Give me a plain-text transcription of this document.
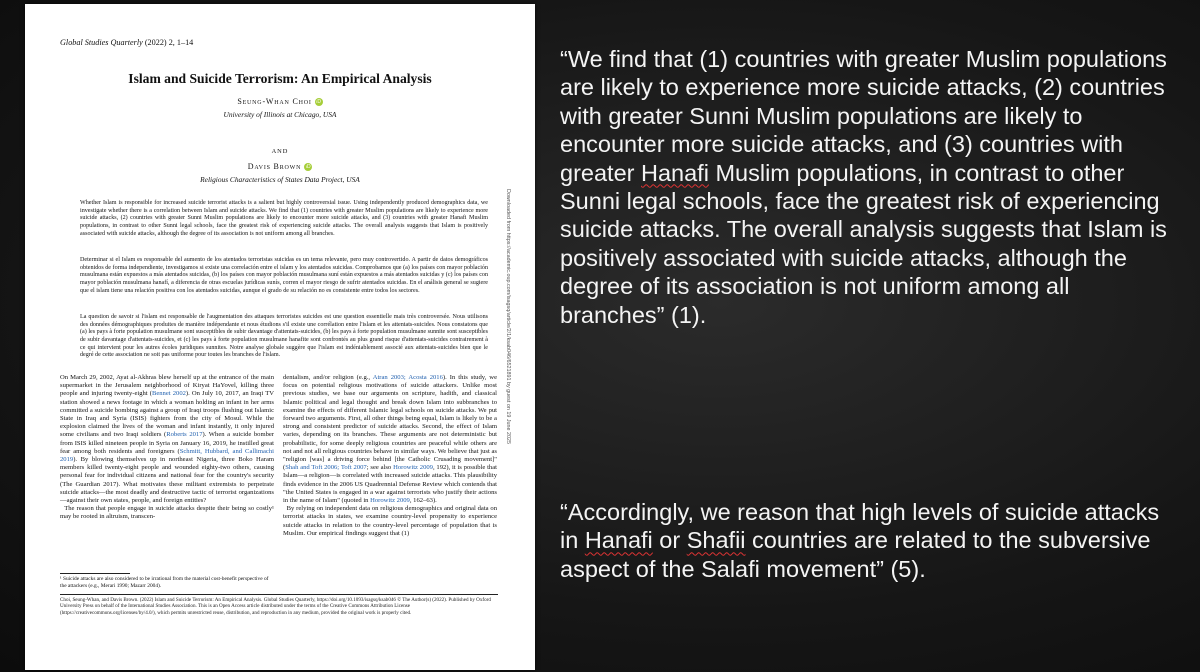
Global Studies Quarterly (2022) 2, 1–14
Islam and Suicide Terrorism: An Empirical Analysis
Seung-Whan Choi iD
University of Illinois at Chicago, USA
AND
Davis Brown iD
Religious Characteristics of States Data Project, USA
Whether Islam is responsible for increased suicide terrorist attacks is a salient but highly controversial issue. Using independently produced demographics data, we investigate whether there is a correlation between Islam and suicide attacks. We find that (1) countries with greater Muslim populations are likely to experience more suicide attacks, (2) countries with greater Sunni Muslim populations are likely to encounter more suicide attacks, and (3) countries with greater Hanafi Muslim populations, in contrast to other Sunni legal schools, face the greatest risk of experiencing suicide attacks. The overall analysis suggests that Islam is positively associated with suicide attacks, although the degree of its association is not uniform among all branches.
Determinar si el Islam es responsable del aumento de los atentados terroristas suicidas es un tema relevante, pero muy controvertido. A partir de datos demográficos obtenidos de forma independiente, investigamos si existe una correlación entre el islam y los atentados suicidas. Comprobamos que (a) los países con mayor población musulmana están expuestos a más atentados suicidas, (b) los países con mayor población musulmana suní están expuestos a más atentados suicidas y (c) los países con mayor población musulmana hanafí, a diferencia de otras escuelas jurídicas sunís, corren el mayor riesgo de sufrir atentados suicidas. En el análisis general se sugiere que el islam tiene una relación positiva con los atentados suicidas, aunque el grado de su relación no es consistente entre todos los sectores.
La question de savoir si l'islam est responsable de l'augmentation des attaques terroristes suicides est une question essentielle mais très controversée. Nous utilisons des données démographiques produites de manière indépendante et nous étudions s'il existe une corrélation entre l'islam et les attentats-suicides. Nous constatons que (a) les pays à forte population musulmane sont susceptibles de subir davantage d'attentats-suicides, (b) les pays à forte population musulmane sunnite sont susceptibles de subir davantage d'attentats-suicides, et (c) les pays à forte population musulmane hanafite sont confrontés au plus grand risque d'attentats-suicides contrairement à ce qui intervient pour les autres écoles juridiques sunnites. Notre analyse globale suggère que l'islam est indéniablement associé aux attentats-suicides bien que le degré de cette association ne soit pas uniforme pour toutes les branches de l'islam.	Downloaded from https://academic.oup.com/isagsq/article/2/1/ksab046/6521891 by guest on 19 June 2025
On March 29, 2002, Ayat al-Akhras blew herself up at the entrance of the main supermarket in the Jerusalem neighborhood of Kiryat HaYovel, killing three people and injuring twenty-eight (Bennet 2002). On July 10, 2017, an Iraqi TV station showed a news footage in which a woman holding an infant in her arms committed a suicide bombing against a group of Iraqi troops flushing out Islamic State in Iraq and Syria (ISIS) fighters from the city of Mosul. While the explosion claimed the lives of the woman and infant instantly, it only injured some civilians and two Iraqi soldiers (Roberts 2017). When a suicide bomber from ISIS killed nineteen people in Syria on January 16, 2019, he instilled great fear among both residents and foreigners (Schmitt, Hubbard, and Callimachi 2019). By blowing themselves up in northeast Nigeria, three Boko Haram members killed twenty-eight people and wounded eighty-two others, causing personal fear for individual citizens and national fear for the country's security (The Guardian 2017). What motivates these militant extremists to perpetrate suicide attacks—the most deadly and destructive tactic of terrorist organizations—against their own states, people, and foreign entities?
The reason that people engage in suicide attacks despite their being so costly¹ may be rooted in altruism, transcen-
dentalism, and/or religion (e.g., Atran 2003; Acosta 2016). In this study, we focus on potential religious motivations of suicide attackers. Unlike most previous studies, we base our arguments on scripture, hadith, and classical Islamic political and legal thought and break down Islam into subbranches to examine the effects of different Islamic legal schools on suicide attacks. We put forward two arguments. First, all other things being equal, Islam is likely to be a strong and consistent predictor of suicide attacks. Second, the effect of Islam varies, depending on its branches. These arguments are not deterministic but probabilistic, for some deeply religious countries are peaceful while others are not and not all religious countries behave in similar ways. We believe that just as "religion [was] a driving force behind [the Catholic Crusading movement]" (Shah and Toft 2006; Toft 2007; see also Horowitz 2009, 192), it is possible that Islam—a religion—is correlated with increased suicide attacks. This plausibility finds evidence in the 2006 US Quadrennial Defense Review which contends that "the United States is engaged in a war against terrorists who justify their actions in the name of Islam" (quoted in Horowitz 2009, 162–63).
By relying on independent data on religious demographics and original data on terrorist attacks in states, we examine country-level propensity to experience suicide attacks in relation to the country-level percentage of population that is Muslim. Our empirical findings suggest that (1)
¹ Suicide attacks are also considered to be irrational from the material cost-benefit perspective of the attackers (e.g., Merari 1990; Mazarr 2004).
Choi, Seung-Whan, and Davis Brown. (2022) Islam and Suicide Terrorism: An Empirical Analysis. Global Studies Quarterly, https://doi.org/10.1093/isagsq/ksab046 © The Author(s) (2022). Published by Oxford University Press on behalf of the International Studies Association. This is an Open Access article distributed under the terms of the Creative Commons Attribution License (https://creativecommons.org/licenses/by/4.0/), which permits unrestricted reuse, distribution, and reproduction in any medium, provided the original work is properly cited.
“We find that (1) countries with greater Muslim populations are likely to experience more suicide attacks, (2) countries with greater Sunni Muslim populations are likely to encounter more suicide attacks, and (3) countries with greater Hanafi Muslim populations, in contrast to other Sunni legal schools, face the greatest risk of experiencing suicide attacks. The overall analysis suggests that Islam is positively associated with suicide attacks, although the degree of its association is not uniform among all branches” (1).
“Accordingly, we reason that high levels of suicide attacks in Hanafi or Shafii countries are related to the subversive aspect of the Salafi movement” (5).
